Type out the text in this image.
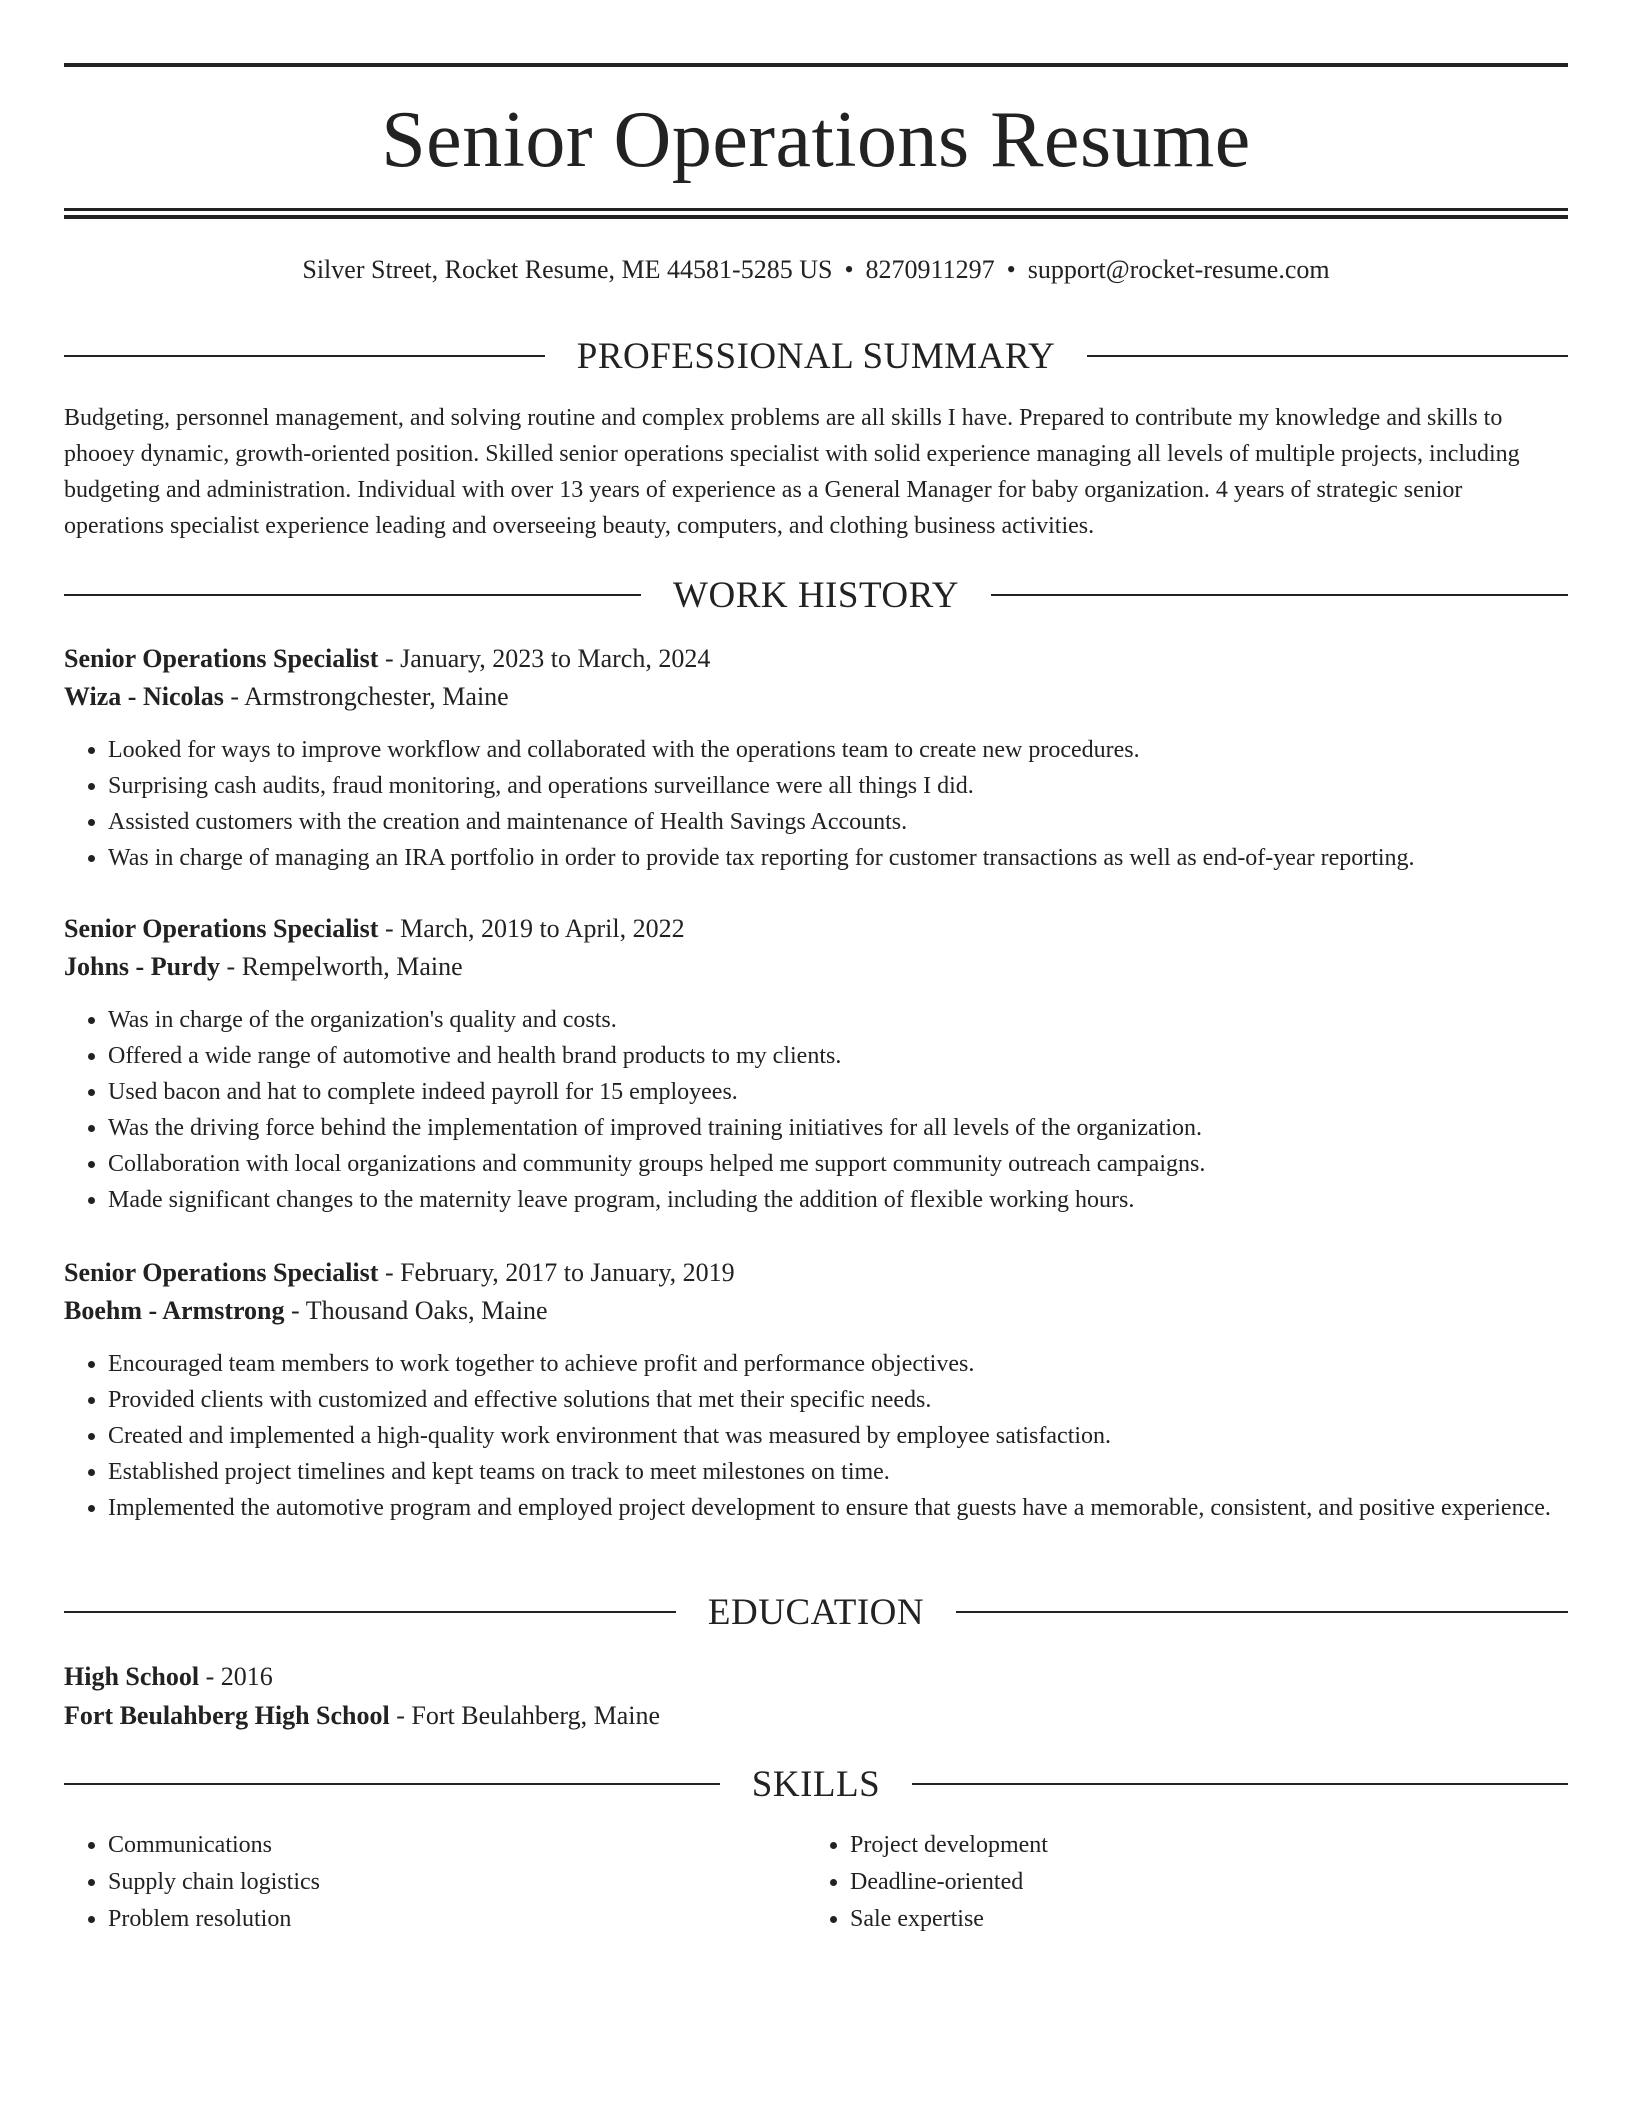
Senior Operations Resume
Silver Street, Rocket Resume, ME 44581-5285 US • 8270911297 • support@rocket-resume.com
PROFESSIONAL SUMMARY

Budgeting, personnel management, and solving routine and complex problems are all skills I have. Prepared to contribute my knowledge and skills to phooey dynamic, growth-oriented position. Skilled senior operations specialist with solid experience managing all levels of multiple projects, including budgeting and administration. Individual with over 13 years of experience as a General Manager for baby organization. 4 years of strategic senior operations specialist experience leading and overseeing beauty, computers, and clothing business activities.

WORK HISTORY
Senior Operations Specialist - January, 2023 to March, 2024
Wiza - Nicolas - Armstrongchester, Maine
• Looked for ways to improve workflow and collaborated with the operations team to create new procedures.
• Surprising cash audits, fraud monitoring, and operations surveillance were all things I did.
• Assisted customers with the creation and maintenance of Health Savings Accounts.
• Was in charge of managing an IRA portfolio in order to provide tax reporting for customer transactions as well as end-of-year reporting.
Senior Operations Specialist - March, 2019 to April, 2022
Johns - Purdy - Rempelworth, Maine
• Was in charge of the organization's quality and costs.
• Offered a wide range of automotive and health brand products to my clients.
• Used bacon and hat to complete indeed payroll for 15 employees.
• Was the driving force behind the implementation of improved training initiatives for all levels of the organization.
• Collaboration with local organizations and community groups helped me support community outreach campaigns.
• Made significant changes to the maternity leave program, including the addition of flexible working hours.
Senior Operations Specialist - February, 2017 to January, 2019
Boehm - Armstrong - Thousand Oaks, Maine
• Encouraged team members to work together to achieve profit and performance objectives.
• Provided clients with customized and effective solutions that met their specific needs.
• Created and implemented a high-quality work environment that was measured by employee satisfaction.
• Established project timelines and kept teams on track to meet milestones on time.
• Implemented the automotive program and employed project development to ensure that guests have a memorable, consistent, and positive experience.
EDUCATION
High School - 2016
Fort Beulahberg High School - Fort Beulahberg, Maine
SKILLS
• Communications
• Supply chain logistics
• Problem resolution
• Project development
• Deadline-oriented
• Sale expertise
